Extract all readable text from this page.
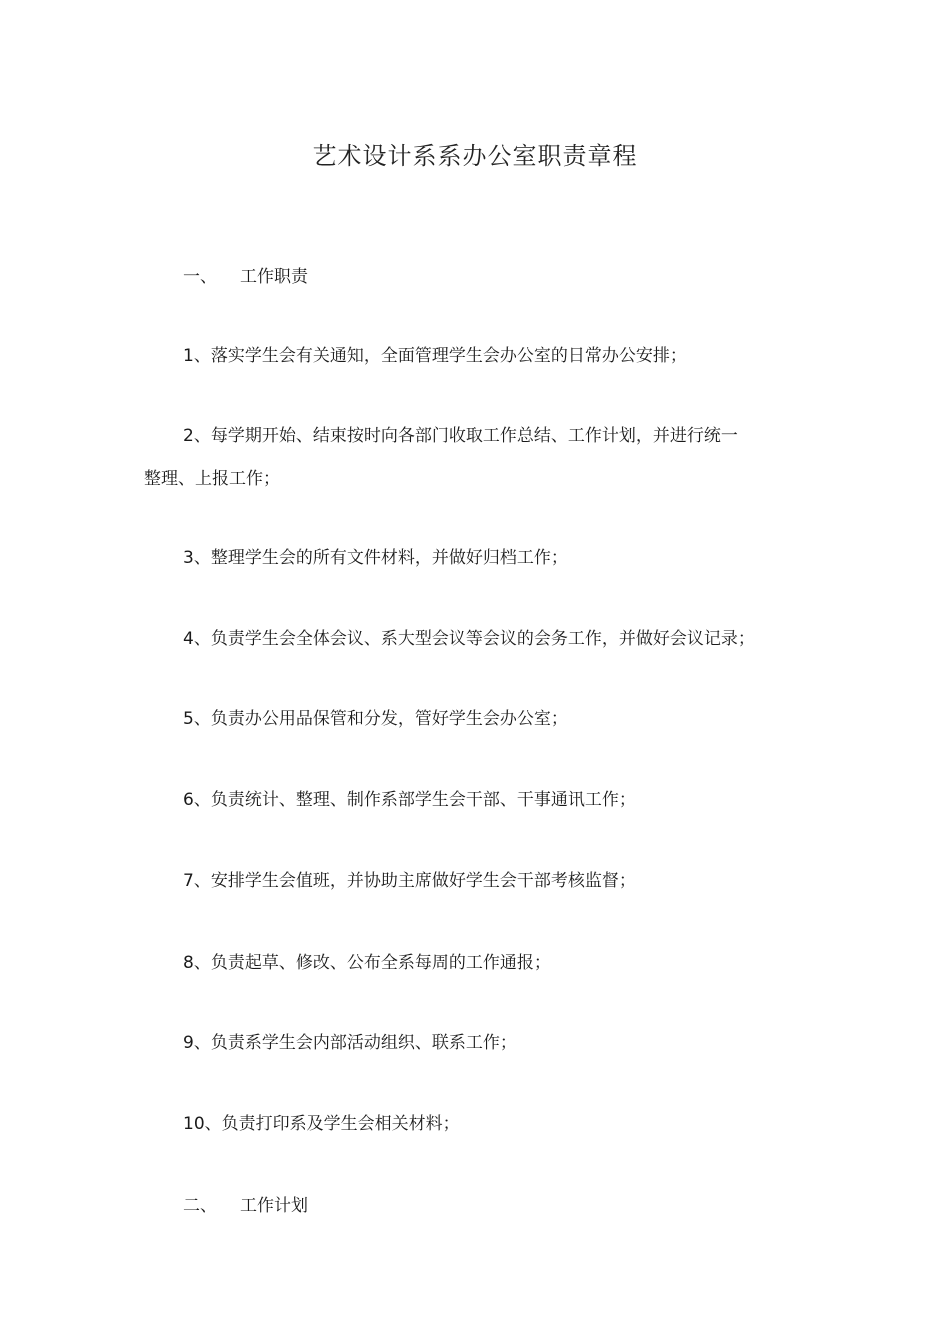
艺术设计系系办公室职责章程

一、 工作职责

1、落实学生会有关通知，全面管理学生会办公室的日常办公安排；

2、每学期开始、结束按时向各部门收取工作总结、工作计划，并进行统一

整理、上报工作；

3、整理学生会的所有文件材料，并做好归档工作；

4、负责学生会全体会议、系大型会议等会议的会务工作，并做好会议记录；

5、负责办公用品保管和分发，管好学生会办公室；

6、负责统计、整理、制作系部学生会干部、干事通讯工作；

7、安排学生会值班，并协助主席做好学生会干部考核监督；

8、负责起草、修改、公布全系每周的工作通报；

9、负责系学生会内部活动组织、联系工作；

10、负责打印系及学生会相关材料；

二、 工作计划
